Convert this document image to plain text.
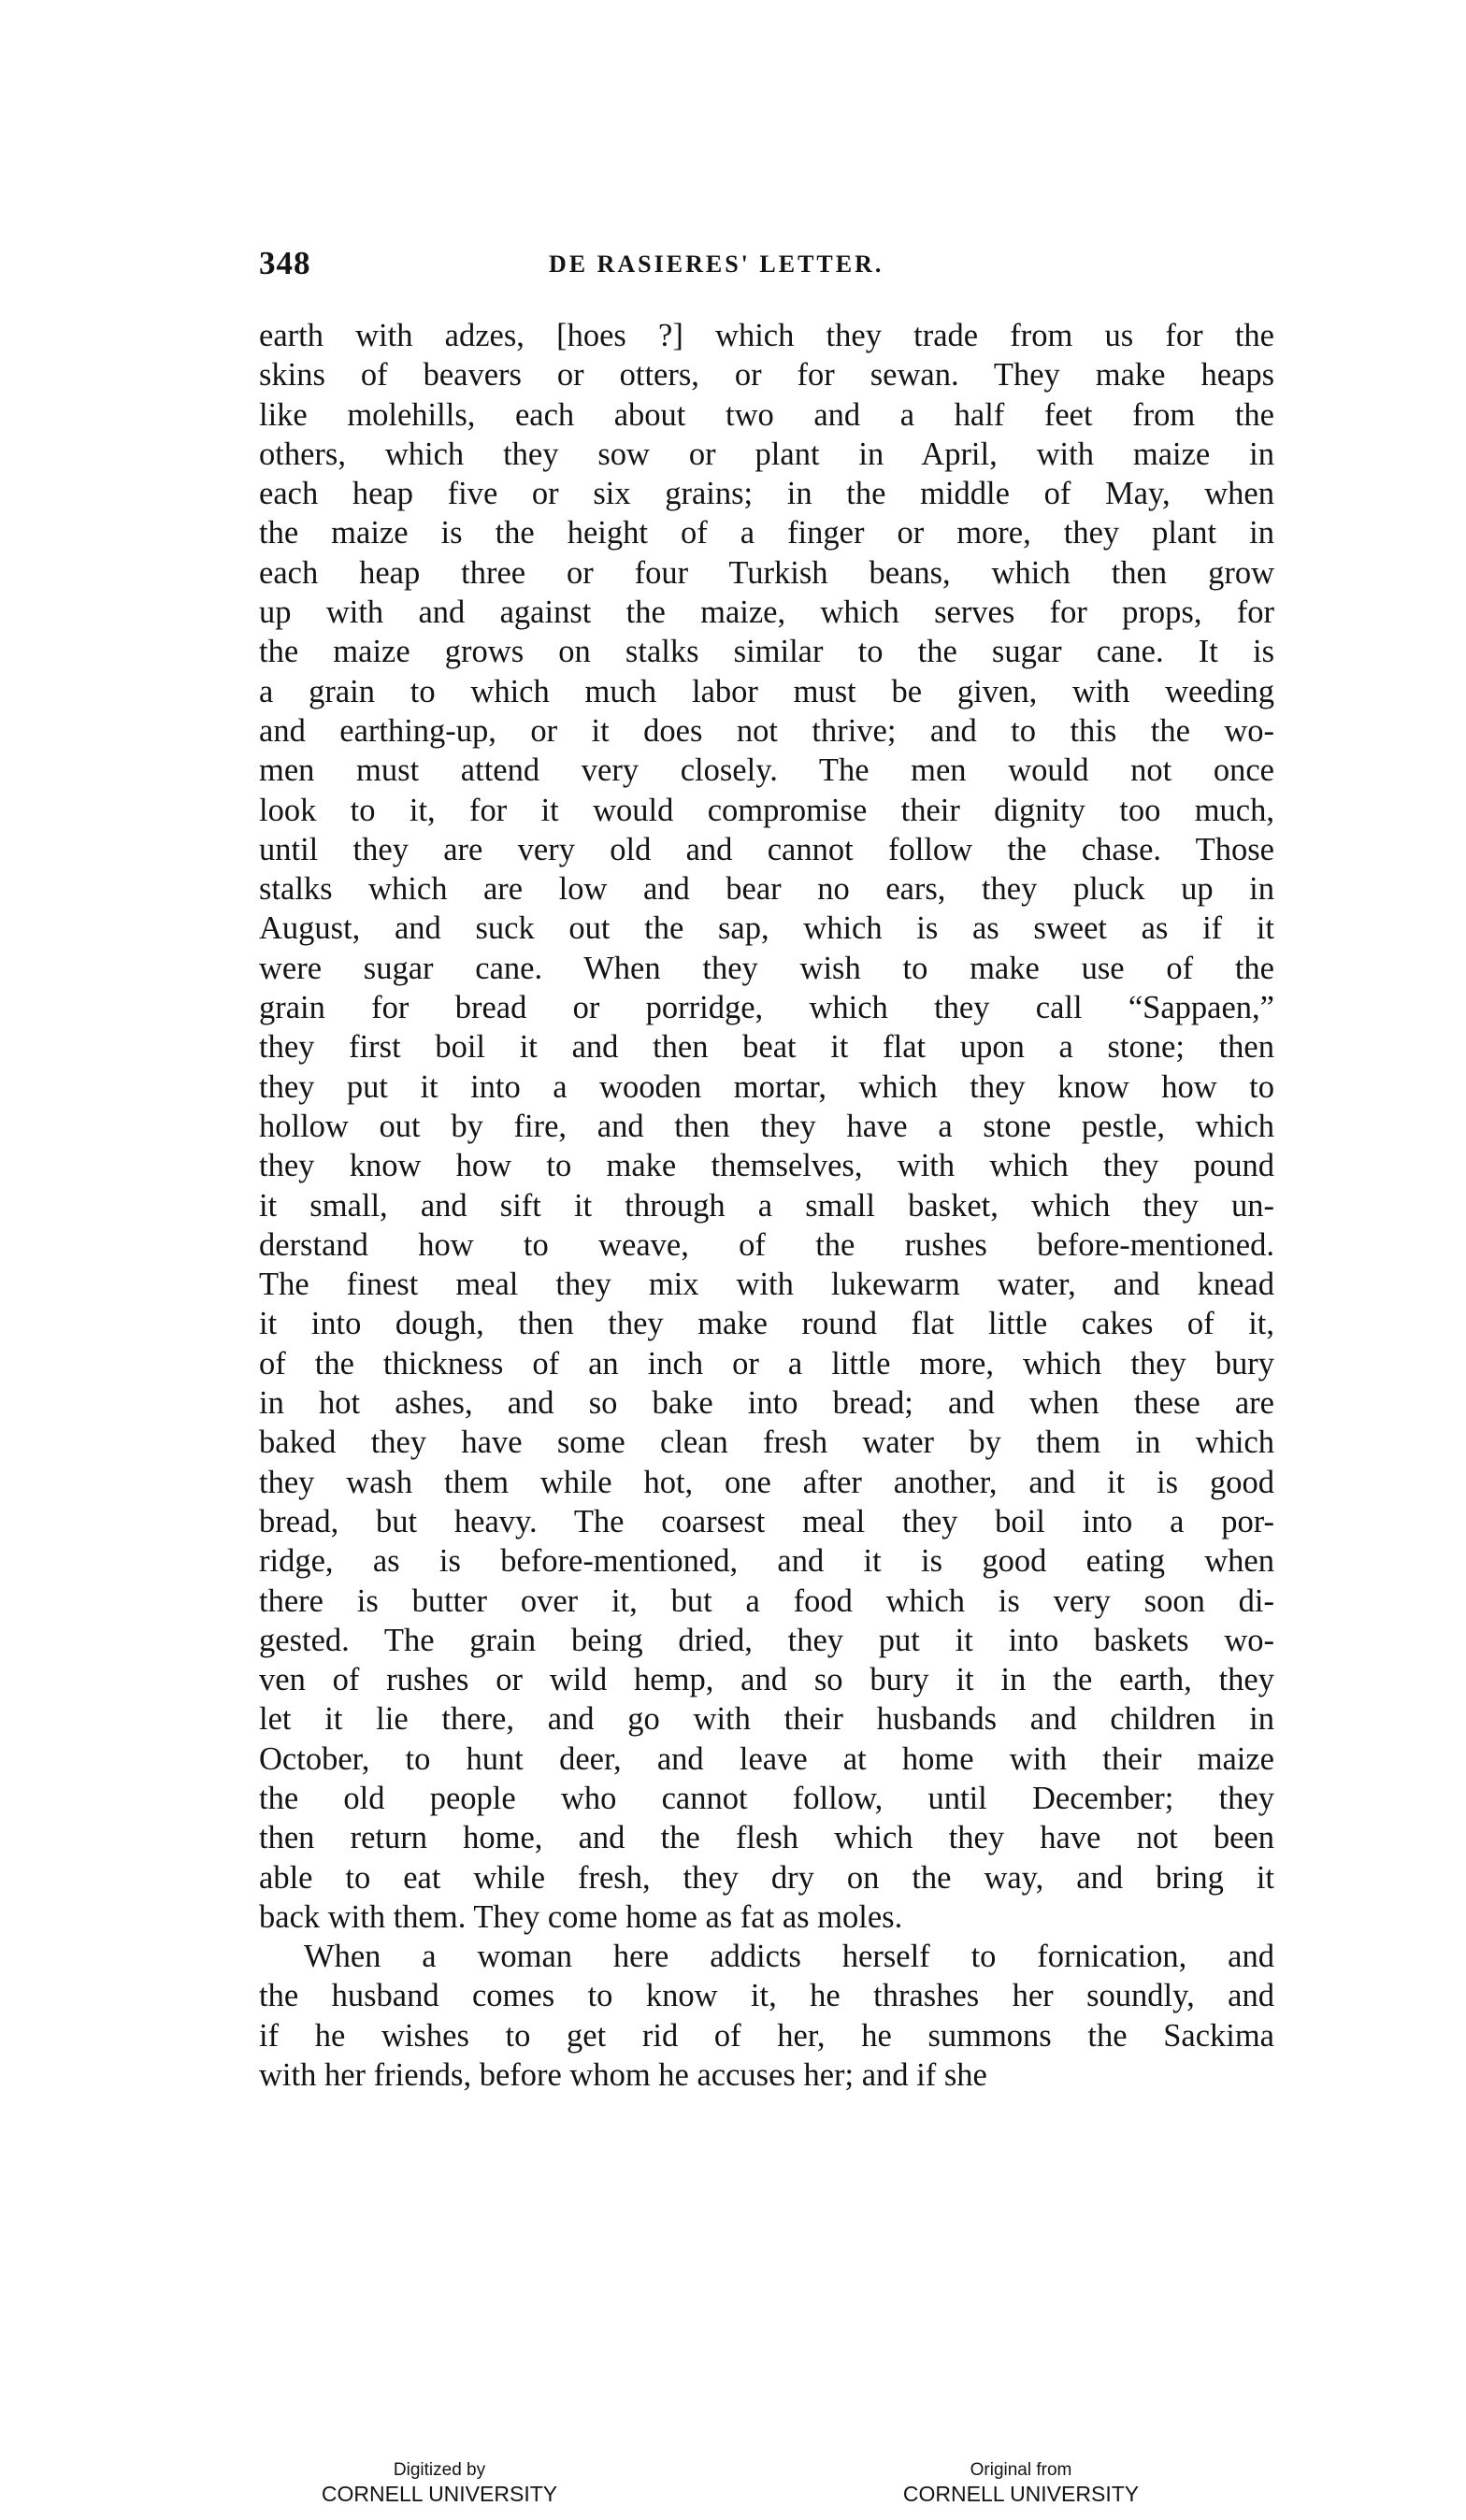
348	DE RASIERES' LETTER.

earth with adzes, [hoes ?] which they trade from us for the
skins of beavers or otters, or for sewan. They make heaps
like molehills, each about two and a half feet from the
others, which they sow or plant in April, with maize in
each heap five or six grains; in the middle of May, when
the maize is the height of a finger or more, they plant in
each heap three or four Turkish beans, which then grow
up with and against the maize, which serves for props, for
the maize grows on stalks similar to the sugar cane. It is
a grain to which much labor must be given, with weeding
and earthing-up, or it does not thrive; and to this the wo-
men must attend very closely. The men would not once
look to it, for it would compromise their dignity too much,
until they are very old and cannot follow the chase. Those
stalks which are low and bear no ears, they pluck up in
August, and suck out the sap, which is as sweet as if it
were sugar cane. When they wish to make use of the
grain for bread or porridge, which they call “Sappaen,”
they first boil it and then beat it flat upon a stone; then
they put it into a wooden mortar, which they know how to
hollow out by fire, and then they have a stone pestle, which
they know how to make themselves, with which they pound
it small, and sift it through a small basket, which they un-
derstand how to weave, of the rushes before-mentioned.
The finest meal they mix with lukewarm water, and knead
it into dough, then they make round flat little cakes of it,
of the thickness of an inch or a little more, which they bury
in hot ashes, and so bake into bread; and when these are
baked they have some clean fresh water by them in which
they wash them while hot, one after another, and it is good
bread, but heavy. The coarsest meal they boil into a por-
ridge, as is before-mentioned, and it is good eating when
there is butter over it, but a food which is very soon di-
gested. The grain being dried, they put it into baskets wo-
ven of rushes or wild hemp, and so bury it in the earth, they
let it lie there, and go with their husbands and children in
October, to hunt deer, and leave at home with their maize
the old people who cannot follow, until December; they
then return home, and the flesh which they have not been
able to eat while fresh, they dry on the way, and bring it
back with them. They come home as fat as moles.

When a woman here addicts herself to fornication, and
the husband comes to know it, he thrashes her soundly, and
if he wishes to get rid of her, he summons the Sackima
with her friends, before whom he accuses her; and if she

Digitized by
CORNELL UNIVERSITY
Original from
CORNELL UNIVERSITY
